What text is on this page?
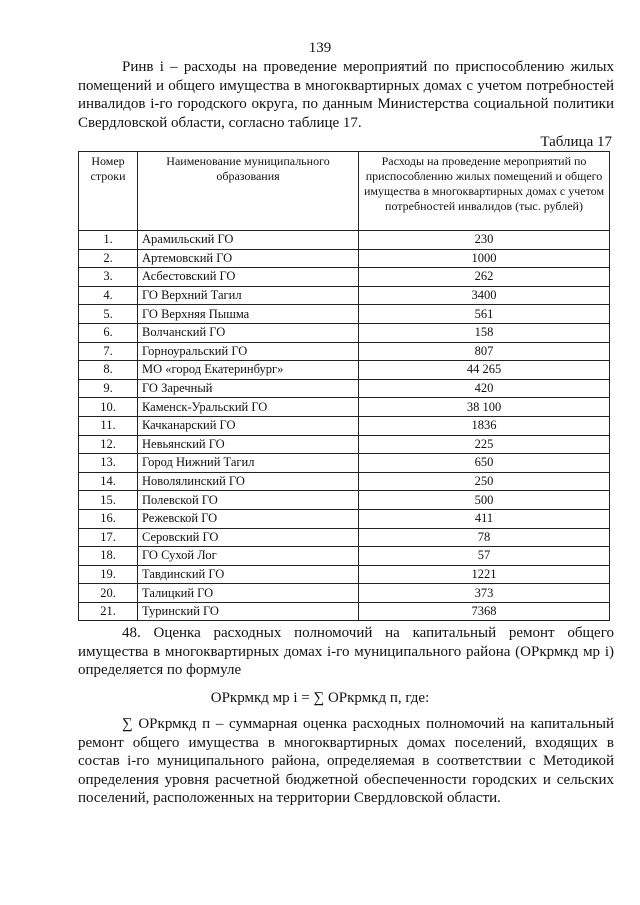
139
Ринв i – расходы на проведение мероприятий по приспособлению жилых помещений и общего имущества в многоквартирных домах с учетом потребностей инвалидов i-го городского округа, по данным Министерства социальной политики Свердловской области, согласно таблице 17.
Таблица 17
Номер строки	Наименование муниципального образования	Расходы на проведение мероприятий по приспособлению жилых помещений и общего имущества в многоквартирных домах с учетом потребностей инвалидов (тыс. рублей)
1.	Арамильский ГО	230
2.	Артемовский ГО	1000
3.	Асбестовский ГО	262
4.	ГО Верхний Тагил	3400
5.	ГО Верхняя Пышма	561
6.	Волчанский ГО	158
7.	Горноуральский ГО	807
8.	МО «город Екатеринбург»	44 265
9.	ГО Заречный	420
10.	Каменск-Уральский ГО	38 100
11.	Качканарский ГО	1836
12.	Невьянский ГО	225
13.	Город Нижний Тагил	650
14.	Новолялинский ГО	250
15.	Полевской ГО	500
16.	Режевской ГО	411
17.	Серовский ГО	78
18.	ГО Сухой Лог	57
19.	Тавдинский ГО	1221
20.	Талицкий ГО	373
21.	Туринский ГО	7368
48. Оценка расходных полномочий на капитальный ремонт общего имущества в многоквартирных домах i-го муниципального района (ОРкрмкд мр i) определяется по формуле
ОРкрмкд мр i = ∑ ОРкрмкд п, где:
∑ ОРкрмкд п – суммарная оценка расходных полномочий на капитальный ремонт общего имущества в многоквартирных домах поселений, входящих в состав i-го муниципального района, определяемая в соответствии с Методикой определения уровня расчетной бюджетной обеспеченности городских и сельских поселений, расположенных на территории Свердловской области.
